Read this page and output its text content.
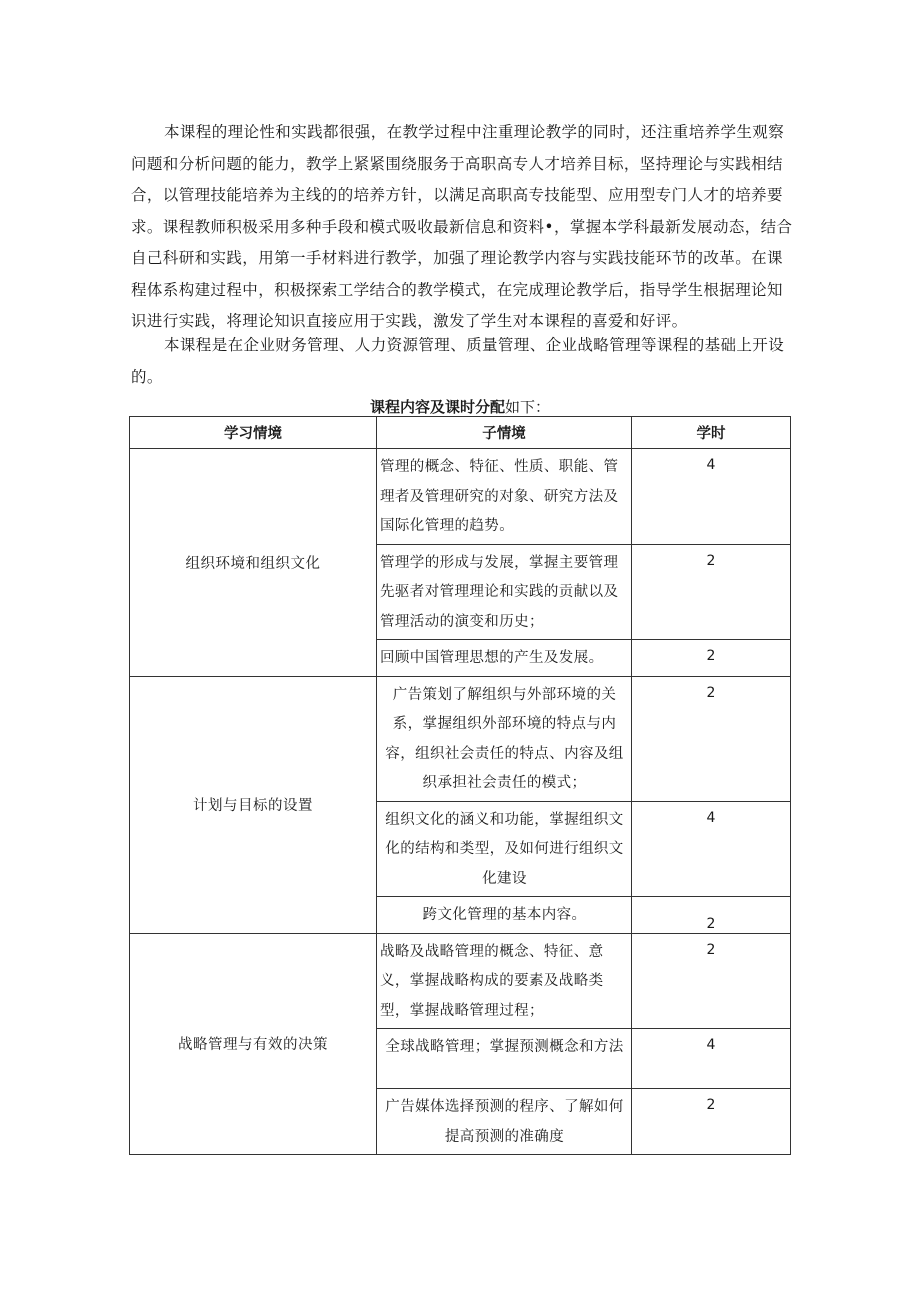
本课程的理论性和实践都很强，在教学过程中注重理论教学的同时，还注重培养学生观察问题和分析问题的能力，教学上紧紧围绕服务于高职高专人才培养目标，坚持理论与实践相结合，以管理技能培养为主线的的培养方针，以满足高职高专技能型、应用型专门人才的培养要求。课程教师积极采用多种手段和模式吸收最新信息和资料•，掌握本学科最新发展动态，结合自己科研和实践，用第一手材料进行教学，加强了理论教学内容与实践技能环节的改革。在课程体系构建过程中，积极探索工学结合的教学模式，在完成理论教学后，指导学生根据理论知识进行实践，将理论知识直接应用于实践，激发了学生对本课程的喜爱和好评。

本课程是在企业财务管理、人力资源管理、质量管理、企业战略管理等课程的基础上开设的。

课程内容及课时分配如下：
学习情境	子情境	学时
组织环境和组织文化	管理的概念、特征、性质、职能、管理者及管理研究的对象、研究方法及国际化管理的趋势。	4
	管理学的形成与发展，掌握主要管理先驱者对管理理论和实践的贡献以及管理活动的演变和历史；	2
	回顾中国管理思想的产生及发展。	2
计划与目标的设置	广告策划了解组织与外部环境的关系，掌握组织外部环境的特点与内容，组织社会责任的特点、内容及组织承担社会责任的模式；	2
	组织文化的涵义和功能，掌握组织文化的结构和类型，及如何进行组织文化建设	4
	跨文化管理的基本内容。	2
战略管理与有效的决策	战略及战略管理的概念、特征、意义，掌握战略构成的要素及战略类型，掌握战略管理过程；	2
	全球战略管理；掌握预测概念和方法	4
	广告媒体选择预测的程序、了解如何提高预测的准确度	2
